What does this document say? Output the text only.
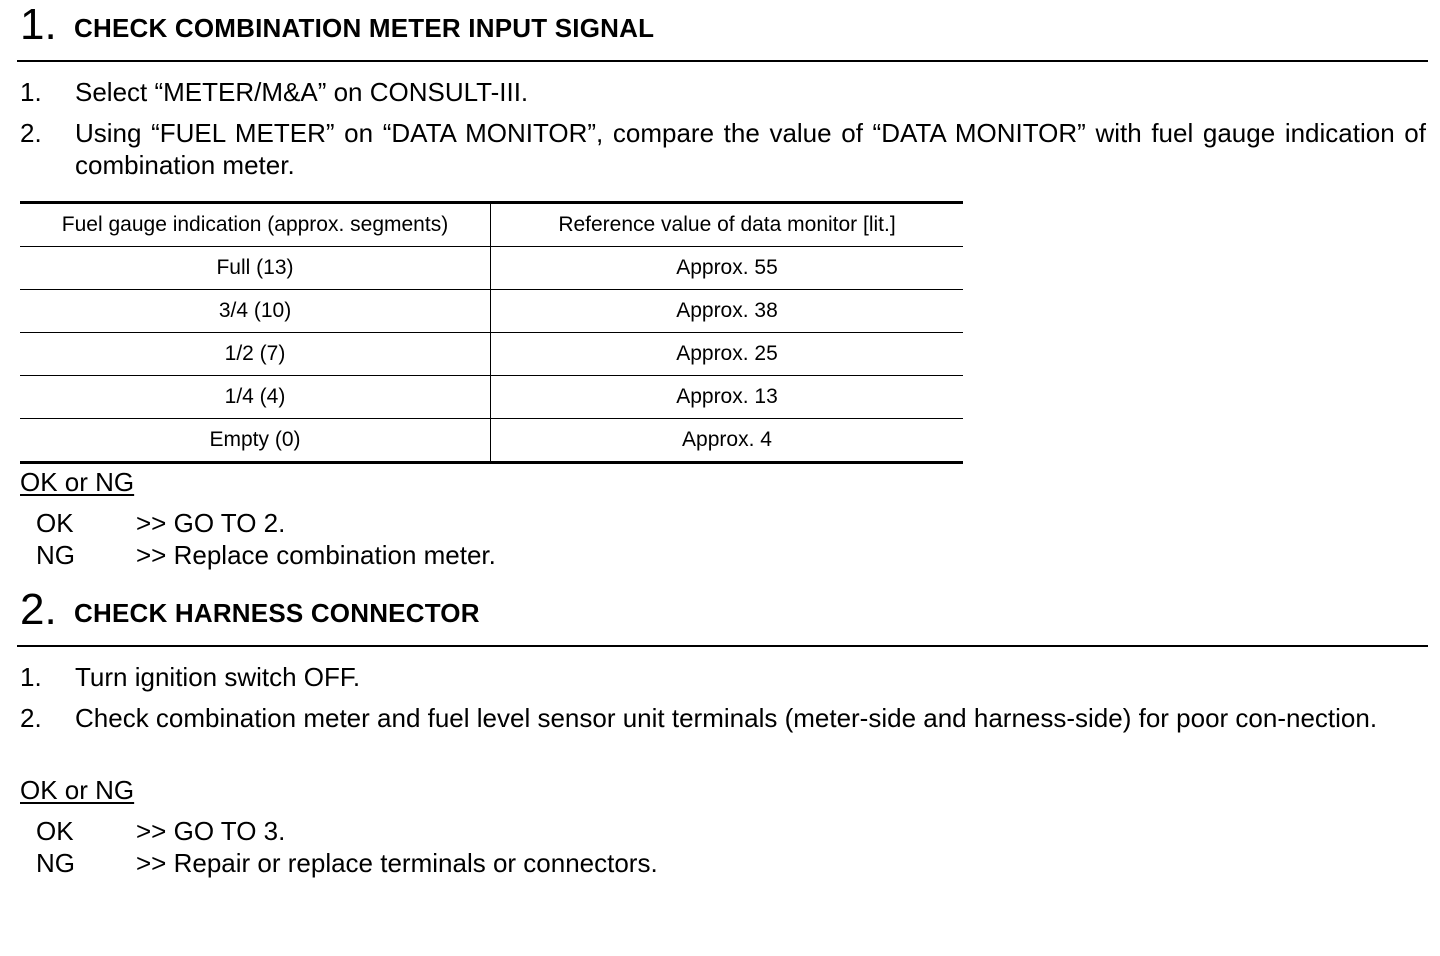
1. CHECK COMBINATION METER INPUT SIGNAL
1. Select “METER/M&A” on CONSULT-III.
2. Using “FUEL METER” on “DATA MONITOR”, compare the value of “DATA MONITOR” with fuel gauge indication of combination meter.
Fuel gauge indication (approx. segments)	Reference value of data monitor [lit.]
Full (13)	Approx. 55
3/4 (10)	Approx. 38
1/2 (7)	Approx. 25
1/4 (4)	Approx. 13
Empty (0)	Approx. 4
OK or NG
OK >> GO TO 2.
NG >> Replace combination meter.
2. CHECK HARNESS CONNECTOR
1. Turn ignition switch OFF.
2. Check combination meter and fuel level sensor unit terminals (meter-side and harness-side) for poor con-nection.
OK or NG
OK >> GO TO 3.
NG >> Repair or replace terminals or connectors.
